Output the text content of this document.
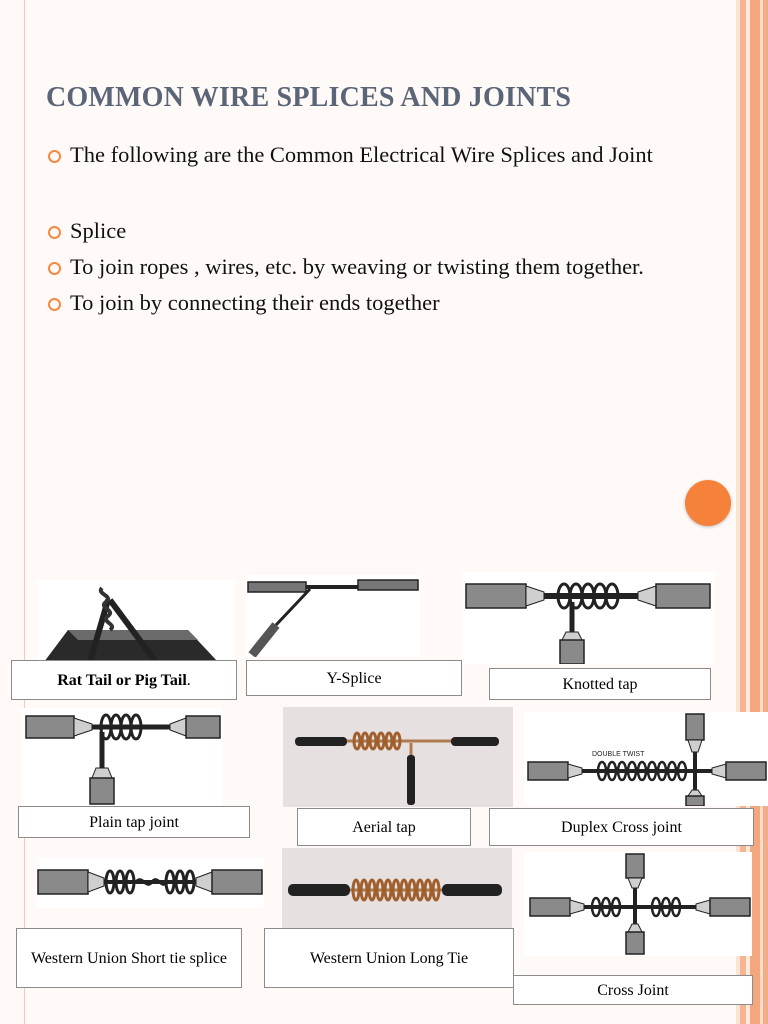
COMMON WIRE SPLICES AND JOINTS
The following are the Common Electrical Wire Splices and Joint
Splice
To join ropes , wires, etc. by weaving or twisting them together.
To join by connecting their ends together
Rat Tail or Pig Tail .	Y-Splice	Knotted tap
Plain tap joint	Aerial tap
DOUBLE TWIST
Duplex Cross joint
Western Union Short tie splice	Western Union Long Tie
Cross Joint
